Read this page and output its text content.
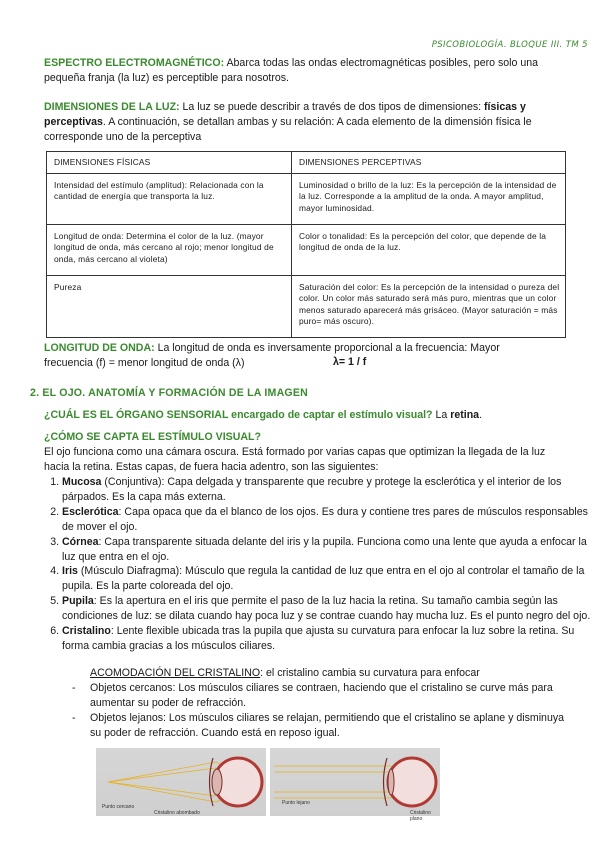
PSICOBIOLOGÍA. BLOQUE III. TM 5
ESPECTRO ELECTROMAGNÉTICO: Abarca todas las ondas electromagnéticas posibles, pero solo una pequeña franja (la luz) es perceptible para nosotros.
DIMENSIONES DE LA LUZ: La luz se puede describir a través de dos tipos de dimensiones: físicas y perceptivas. A continuación, se detallan ambas y su relación: A cada elemento de la dimensión física le corresponde uno de la perceptiva
DIMENSIONES FÍSICAS	DIMENSIONES PERCEPTIVAS
Intensidad del estímulo (amplitud): Relacionada con la cantidad de energía que transporta la luz.	Luminosidad o brillo de la luz: Es la percepción de la intensidad de la luz. Corresponde a la amplitud de la onda. A mayor amplitud, mayor luminosidad.
Longitud de onda: Determina el color de la luz. (mayor longitud de onda, más cercano al rojo; menor longitud de onda, más cercano al violeta)	Color o tonalidad: Es la percepción del color, que depende de la longitud de onda de la luz.
Pureza	Saturación del color: Es la percepción de la intensidad o pureza del color. Un color más saturado será más puro, mientras que un color menos saturado aparecerá más grisáceo. (Mayor saturación = más puro= más oscuro).
LONGITUD DE ONDA: La longitud de onda es inversamente proporcional a la frecuencia: Mayor frecuencia (f) = menor longitud de onda (λ)	λ= 1 / f
2. EL OJO. ANATOMÍA Y FORMACIÓN DE LA IMAGEN
¿CUÁL ES EL ÓRGANO SENSORIAL encargado de captar el estímulo visual? La retina.
¿CÓMO SE CAPTA EL ESTÍMULO VISUAL?
El ojo funciona como una cámara oscura. Está formado por varias capas que optimizan la llegada de la luz hacia la retina. Estas capas, de fuera hacia adentro, son las siguientes:
1. Mucosa (Conjuntiva): Capa delgada y transparente que recubre y protege la esclerótica y el interior de los párpados. Es la capa más externa.
2. Esclerótica: Capa opaca que da el blanco de los ojos. Es dura y contiene tres pares de músculos responsables de mover el ojo.
3. Córnea: Capa transparente situada delante del iris y la pupila. Funciona como una lente que ayuda a enfocar la luz que entra en el ojo.
4. Iris (Músculo Diafragma): Músculo que regula la cantidad de luz que entra en el ojo al controlar el tamaño de la pupila. Es la parte coloreada del ojo.
5. Pupila: Es la apertura en el iris que permite el paso de la luz hacia la retina. Su tamaño cambia según las condiciones de luz: se dilata cuando hay poca luz y se contrae cuando hay mucha luz. Es el punto negro del ojo.
6. Cristalino: Lente flexible ubicada tras la pupila que ajusta su curvatura para enfocar la luz sobre la retina. Su forma cambia gracias a los músculos ciliares.
ACOMODACIÓN DEL CRISTALINO: el cristalino cambia su curvatura para enfocar
- Objetos cercanos: Los músculos ciliares se contraen, haciendo que el cristalino se curve más para aumentar su poder de refracción.
- Objetos lejanos: Los músculos ciliares se relajan, permitiendo que el cristalino se aplane y disminuya su poder de refracción. Cuando está en reposo igual.
Punto cercano
Cristalino abombado
Punto lejano
Cristalino plano
